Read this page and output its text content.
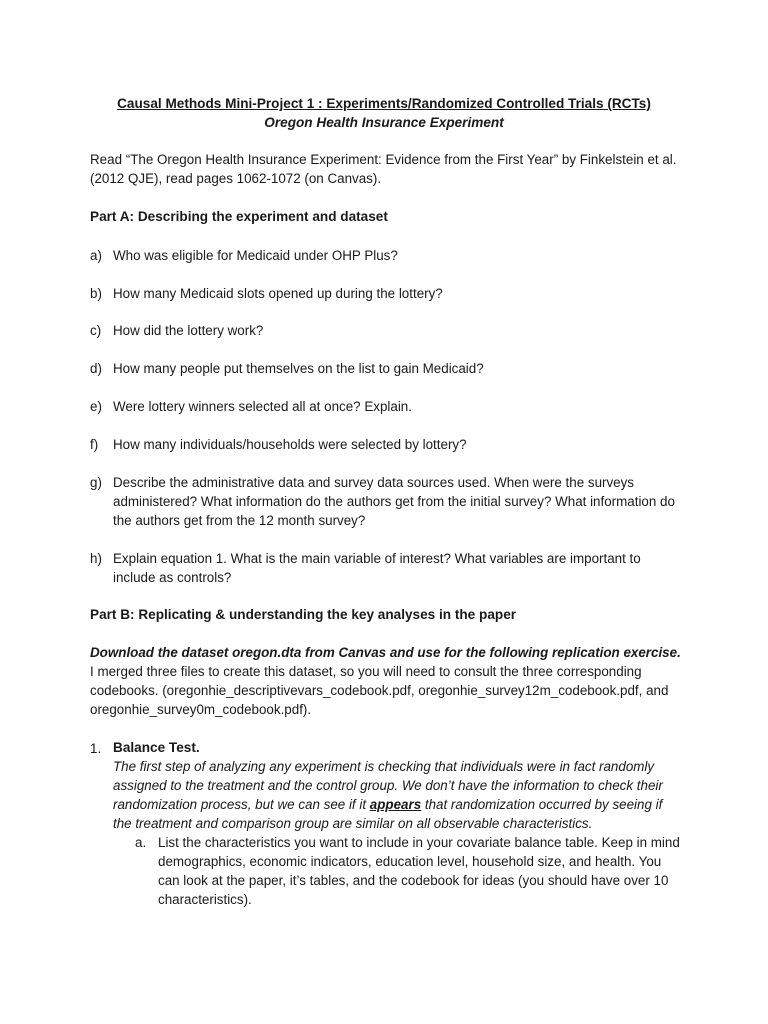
Causal Methods Mini-Project 1 : Experiments/Randomized Controlled Trials (RCTs)
Oregon Health Insurance Experiment
Read “The Oregon Health Insurance Experiment: Evidence from the First Year” by Finkelstein et al. (2012 QJE), read pages 1062-1072 (on Canvas).
Part A: Describing the experiment and dataset
a) Who was eligible for Medicaid under OHP Plus?
b) How many Medicaid slots opened up during the lottery?
c) How did the lottery work?
d) How many people put themselves on the list to gain Medicaid?
e) Were lottery winners selected all at once? Explain.
f) How many individuals/households were selected by lottery?
g) Describe the administrative data and survey data sources used. When were the surveys administered? What information do the authors get from the initial survey? What information do the authors get from the 12 month survey?
h) Explain equation 1. What is the main variable of interest? What variables are important to include as controls?
Part B: Replicating & understanding the key analyses in the paper
Download the dataset oregon.dta from Canvas and use for the following replication exercise.
I merged three files to create this dataset, so you will need to consult the three corresponding codebooks. (oregonhie_descriptivevars_codebook.pdf, oregonhie_survey12m_codebook.pdf, and oregonhie_survey0m_codebook.pdf).
1. Balance Test.
The first step of analyzing any experiment is checking that individuals were in fact randomly assigned to the treatment and the control group. We don’t have the information to check their randomization process, but we can see if it appears that randomization occurred by seeing if the treatment and comparison group are similar on all observable characteristics.
a. List the characteristics you want to include in your covariate balance table. Keep in mind demographics, economic indicators, education level, household size, and health. You can look at the paper, it’s tables, and the codebook for ideas (you should have over 10 characteristics).
